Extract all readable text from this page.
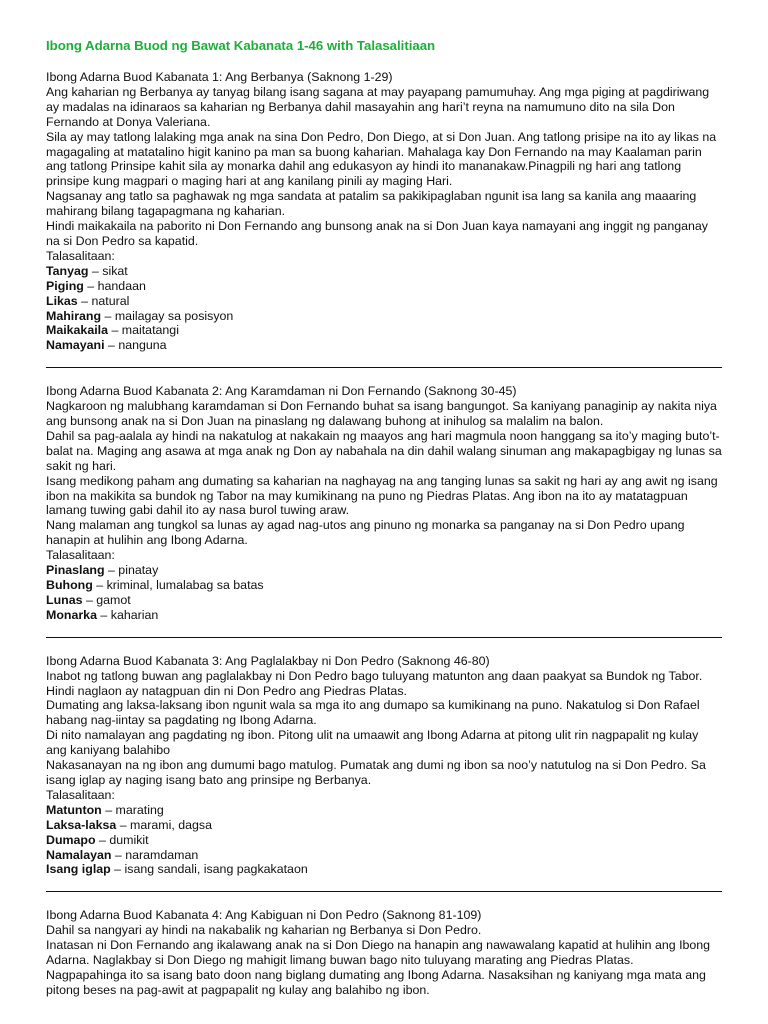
Ibong Adarna Buod ng Bawat Kabanata 1-46 with Talasalitiaan

Ibong Adarna Buod Kabanata 1: Ang Berbanya (Saknong 1-29)

Ang kaharian ng Berbanya ay tanyag bilang isang sagana at may payapang pamumuhay. Ang mga piging at pagdiriwang ay madalas na idinaraos sa kaharian ng Berbanya dahil masayahin ang hari’t reyna na namumuno dito na sila Don Fernando at Donya Valeriana.

Sila ay may tatlong lalaking mga anak na sina Don Pedro, Don Diego, at si Don Juan. Ang tatlong prisipe na ito ay likas na magagaling at matatalino higit kanino pa man sa buong kaharian. Mahalaga kay Don Fernando na may Kaalaman parin ang tatlong Prinsipe kahit sila ay monarka dahil ang edukasyon ay hindi ito mananakaw.Pinagpili ng hari ang tatlong prinsipe kung magpari o maging hari at ang kanilang pinili ay maging Hari.

Nagsanay ang tatlo sa paghawak ng mga sandata at patalim sa pakikipaglaban ngunit isa lang sa kanila ang maaaring mahirang bilang tagapagmana ng kaharian.

Hindi maikakaila na paborito ni Don Fernando ang bunsong anak na si Don Juan kaya namayani ang inggit ng panganay na si Don Pedro sa kapatid.

Talasalitaan:

Tanyag – sikat

Piging – handaan

Likas – natural

Mahirang – mailagay sa posisyon

Maikakaila – maitatangi

Namayani – nanguna

Ibong Adarna Buod Kabanata 2: Ang Karamdaman ni Don Fernando (Saknong 30-45)

Nagkaroon ng malubhang karamdaman si Don Fernando buhat sa isang bangungot. Sa kaniyang panaginip ay nakita niya ang bunsong anak na si Don Juan na pinaslang ng dalawang buhong at inihulog sa malalim na balon.

Dahil sa pag-aalala ay hindi na nakatulog at nakakain ng maayos ang hari magmula noon hanggang sa ito’y maging buto’t-balat na. Maging ang asawa at mga anak ng Don ay nabahala na din dahil walang sinuman ang makapagbigay ng lunas sa sakit ng hari.

Isang medikong paham ang dumating sa kaharian na naghayag na ang tanging lunas sa sakit ng hari ay ang awit ng isang ibon na makikita sa bundok ng Tabor na may kumikinang na puno ng Piedras Platas. Ang ibon na ito ay matatagpuan lamang tuwing gabi dahil ito ay nasa burol tuwing araw.

Nang malaman ang tungkol sa lunas ay agad nag-utos ang pinuno ng monarka sa panganay na si Don Pedro upang hanapin at hulihin ang Ibong Adarna.

Talasalitaan:

Pinaslang – pinatay

Buhong – kriminal, lumalabag sa batas

Lunas – gamot

Monarka – kaharian

Ibong Adarna Buod Kabanata 3: Ang Paglalakbay ni Don Pedro (Saknong 46-80)

Inabot ng tatlong buwan ang paglalakbay ni Don Pedro bago tuluyang matunton ang daan paakyat sa Bundok ng Tabor. Hindi naglaon ay natagpuan din ni Don Pedro ang Piedras Platas.

Dumating ang laksa-laksang ibon ngunit wala sa mga ito ang dumapo sa kumikinang na puno. Nakatulog si Don Rafael habang nag-iintay sa pagdating ng Ibong Adarna.

Di nito namalayan ang pagdating ng ibon. Pitong ulit na umaawit ang Ibong Adarna at pitong ulit rin nagpapalit ng kulay ang kaniyang balahibo

Nakasanayan na ng ibon ang dumumi bago matulog. Pumatak ang dumi ng ibon sa noo’y natutulog na si Don Pedro. Sa isang iglap ay naging isang bato ang prinsipe ng Berbanya.

Talasalitaan:

Matunton – marating

Laksa-laksa – marami, dagsa

Dumapo – dumikit

Namalayan – naramdaman

Isang iglap – isang sandali, isang pagkakataon

Ibong Adarna Buod Kabanata 4: Ang Kabiguan ni Don Pedro (Saknong 81-109)

Dahil sa nangyari ay hindi na nakabalik ng kaharian ng Berbanya si Don Pedro.

Inatasan ni Don Fernando ang ikalawang anak na si Don Diego na hanapin ang nawawalang kapatid at hulihin ang Ibong Adarna. Naglakbay si Don Diego ng mahigit limang buwan bago nito tuluyang marating ang Piedras Platas.

Nagpapahinga ito sa isang bato doon nang biglang dumating ang Ibong Adarna. Nasaksihan ng kaniyang mga mata ang pitong beses na pag-awit at pagpapalit ng kulay ang balahibo ng ibon.
